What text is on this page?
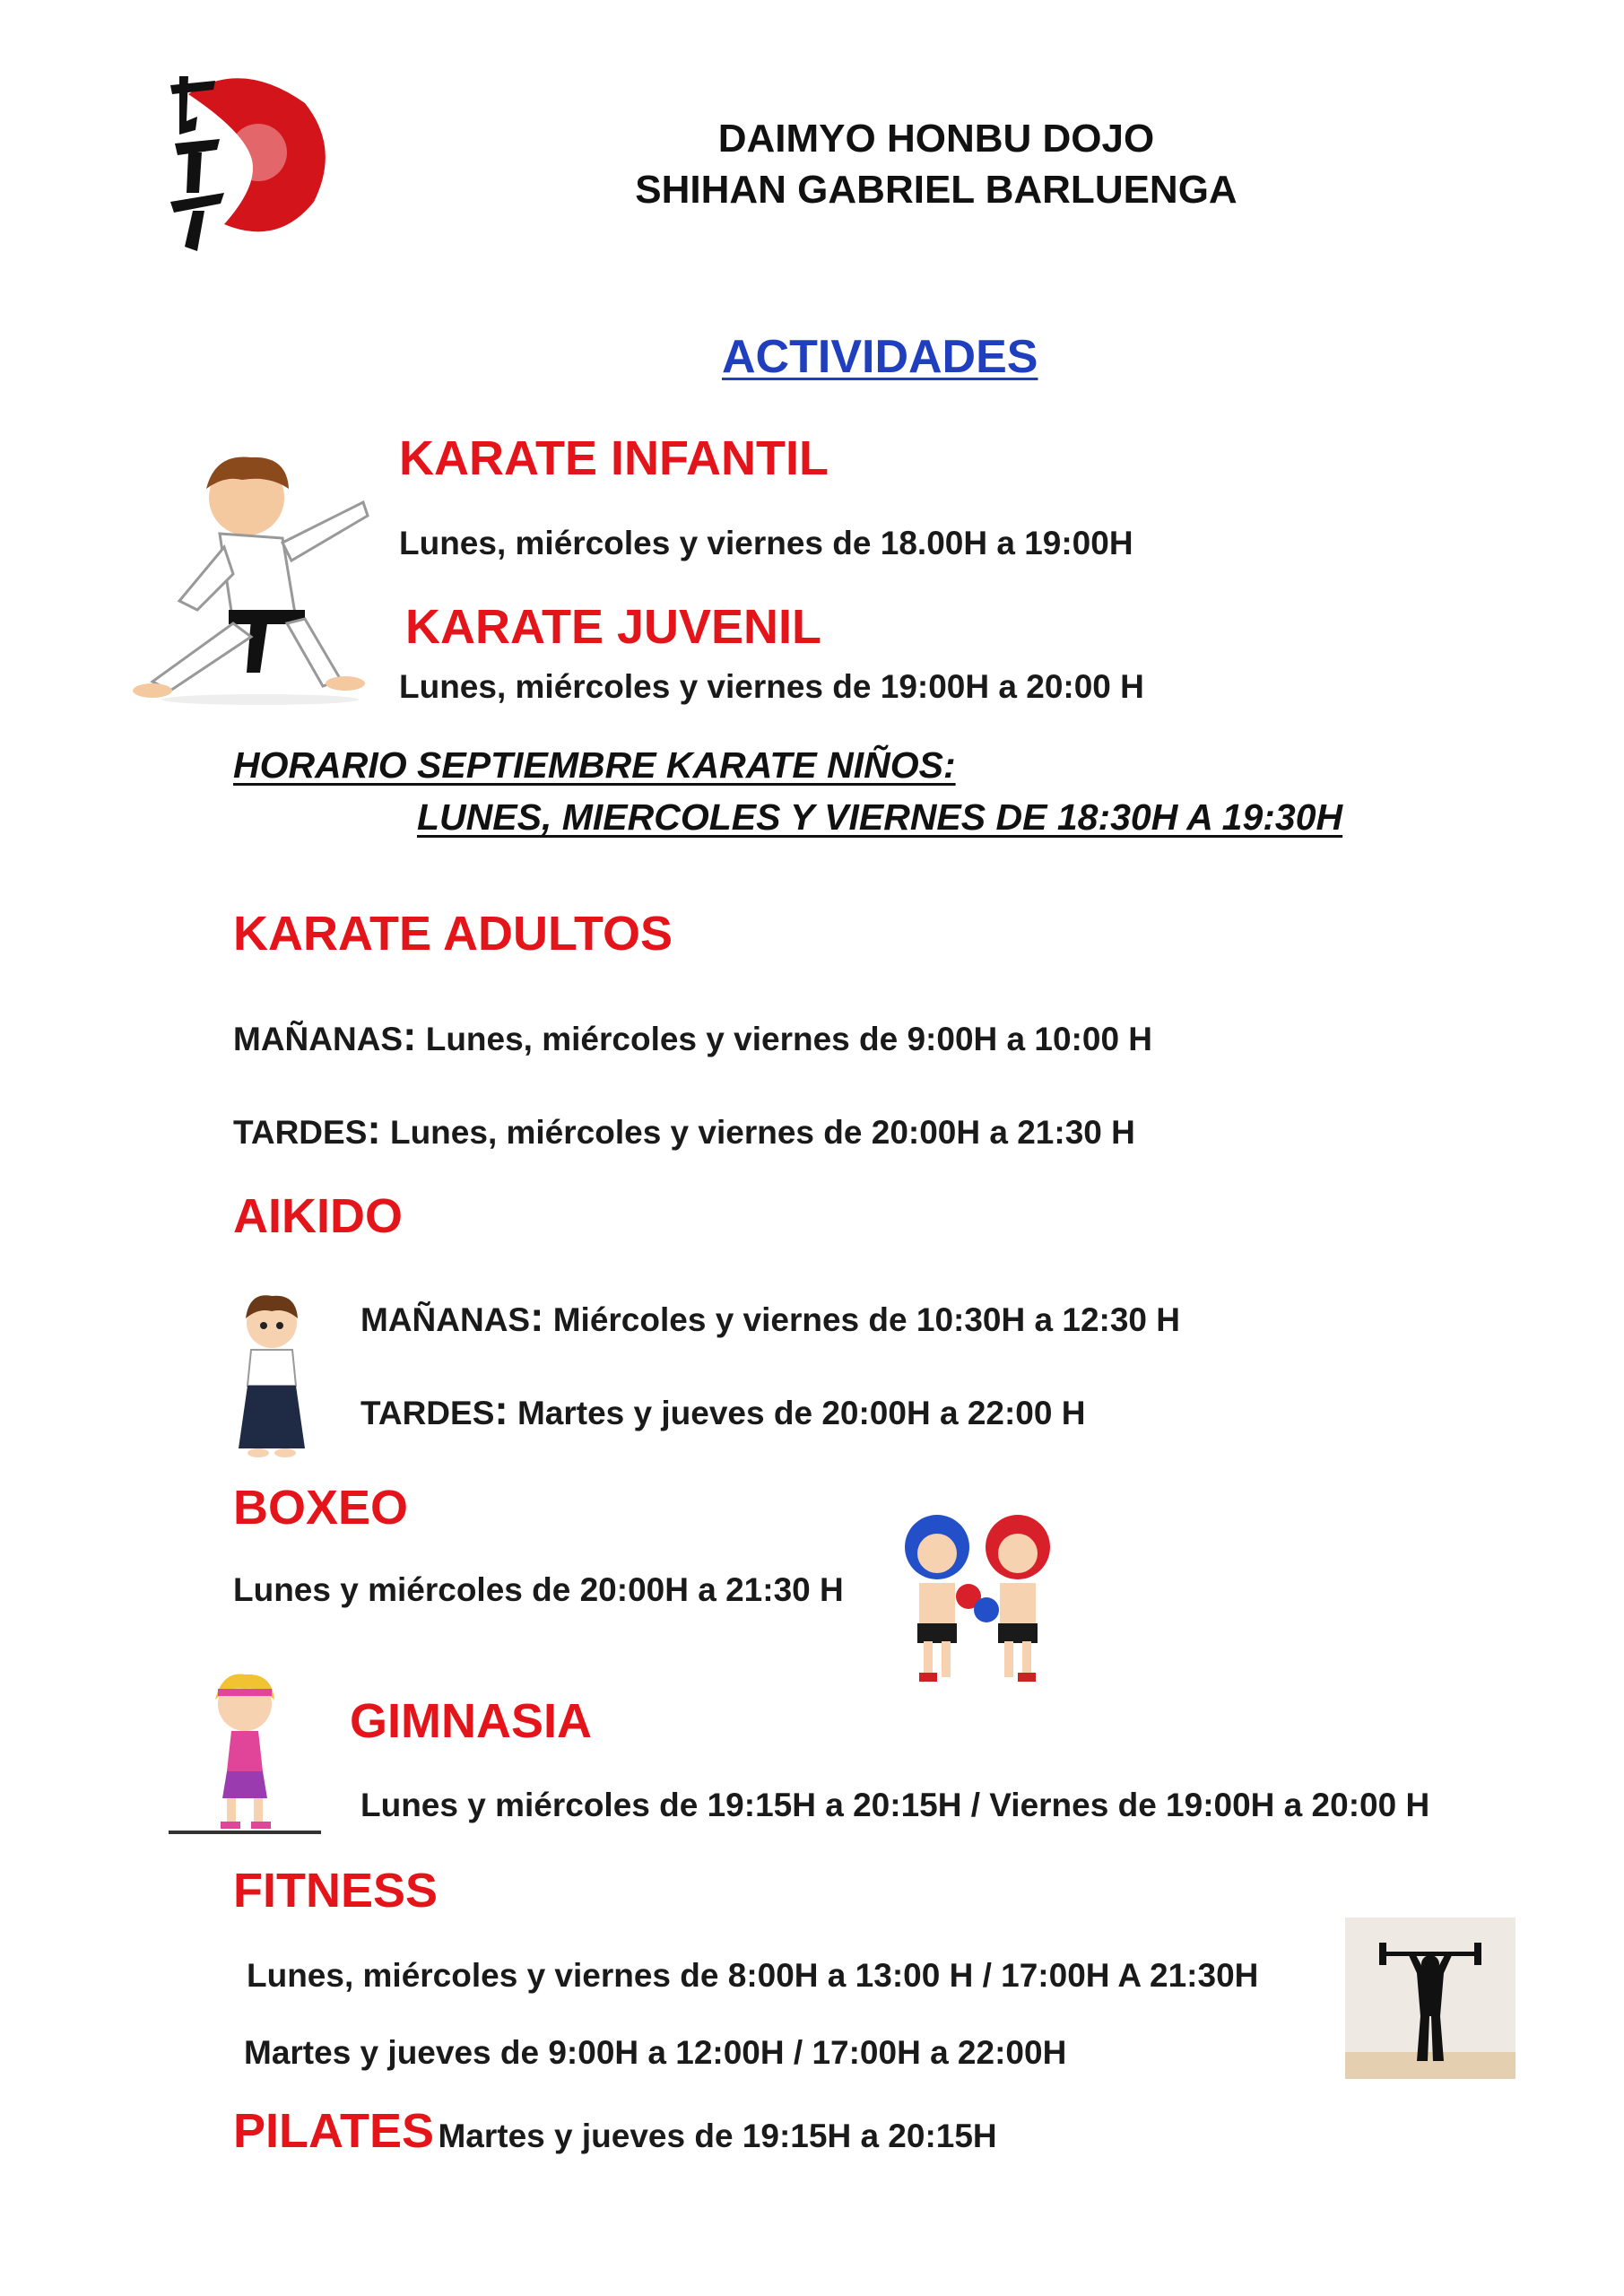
DAIMYO HONBU DOJO
SHIHAN GABRIEL BARLUENGA
ACTIVIDADES
KARATE INFANTIL
Lunes, miércoles y viernes de 18.00H a 19:00H
KARATE JUVENIL
Lunes, miércoles y viernes de 19:00H a 20:00 H
HORARIO SEPTIEMBRE KARATE NIÑOS:
LUNES, MIERCOLES Y VIERNES DE 18:30H A 19:30H
KARATE ADULTOS
MAÑANAS: Lunes, miércoles y viernes de 9:00H a 10:00 H
TARDES: Lunes, miércoles y viernes de 20:00H a 21:30 H
AIKIDO
MAÑANAS: Miércoles y viernes de 10:30H a 12:30 H
TARDES: Martes y jueves de 20:00H a 22:00 H
BOXEO
Lunes y miércoles de 20:00H a 21:30 H
GIMNASIA
Lunes y miércoles de 19:15H a 20:15H / Viernes de 19:00H a 20:00 H
FITNESS
Lunes, miércoles y viernes de 8:00H a 13:00 H / 17:00H A 21:30H
Martes y jueves de 9:00H a 12:00H / 17:00H a 22:00H
PILATES Martes y jueves de 19:15H a 20:15H
